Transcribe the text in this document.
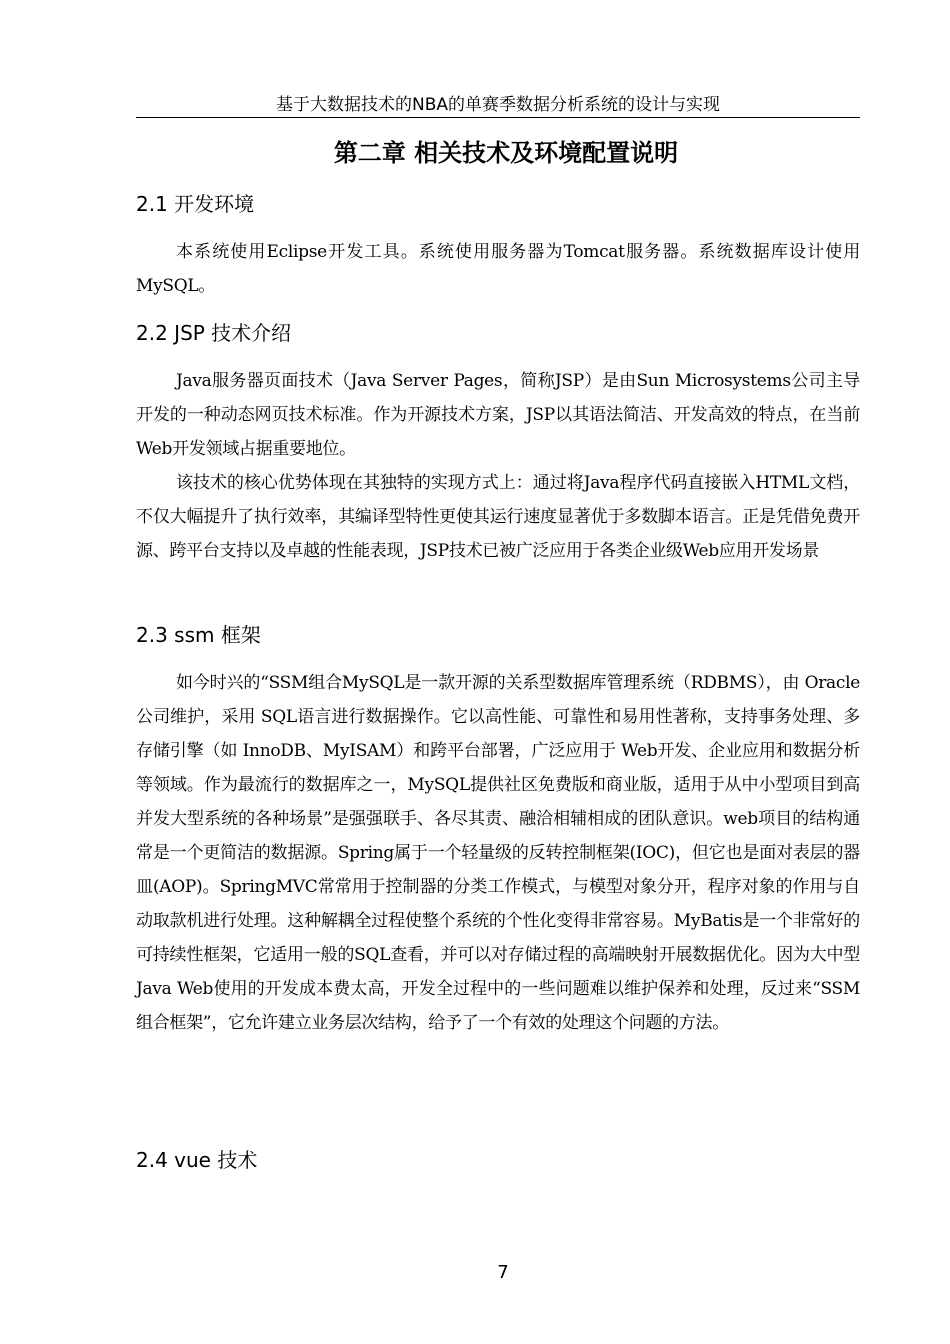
基于大数据技术的NBA的单赛季数据分析系统的设计与实现
第二章 相关技术及环境配置说明
2.1 开发环境

本系统使用Eclipse开发工具。系统使用服务器为Tomcat服务器。系统数据库设计使用MySQL。

2.2 JSP 技术介绍

Java服务器页面技术（Java Server Pages，简称JSP）是由Sun Microsystems公司主导开发的一种动态网页技术标准。作为开源技术方案，JSP以其语法简洁、开发高效的特点，在当前Web开发领域占据重要地位。

该技术的核心优势体现在其独特的实现方式上：通过将Java程序代码直接嵌入HTML文档，不仅大幅提升了执行效率，其编译型特性更使其运行速度显著优于多数脚本语言。正是凭借免费开源、跨平台支持以及卓越的性能表现，JSP技术已被广泛应用于各类企业级Web应用开发场景

2.3 ssm 框架

如今时兴的“SSM组合MySQL是一款开源的关系型数据库管理系统（RDBMS），由 Oracle公司维护，采用 SQL语言进行数据操作。它以高性能、可靠性和易用性著称，支持事务处理、多存储引擎（如 InnoDB、MyISAM）和跨平台部署，广泛应用于 Web开发、企业应用和数据分析等领域。作为最流行的数据库之一，MySQL提供社区免费版和商业版，适用于从中小型项目到高并发大型系统的各种场景”是强强联手、各尽其责、融洽相辅相成的团队意识。web项目的结构通常是一个更简洁的数据源。Spring属于一个轻量级的反转控制框架(IOC)，但它也是面对表层的器皿(AOP)。SpringMVC常常用于控制器的分类工作模式，与模型对象分开，程序对象的作用与自动取款机进行处理。这种解耦全过程使整个系统的个性化变得非常容易。MyBatis是一个非常好的可持续性框架，它适用一般的SQL查看，并可以对存储过程的高端映射开展数据优化。因为大中型Java Web使用的开发成本费太高，开发全过程中的一些问题难以维护保养和处理，反过来“SSM组合框架”，它允许建立业务层次结构，给予了一个有效的处理这个问题的方法。

2.4 vue 技术
7
